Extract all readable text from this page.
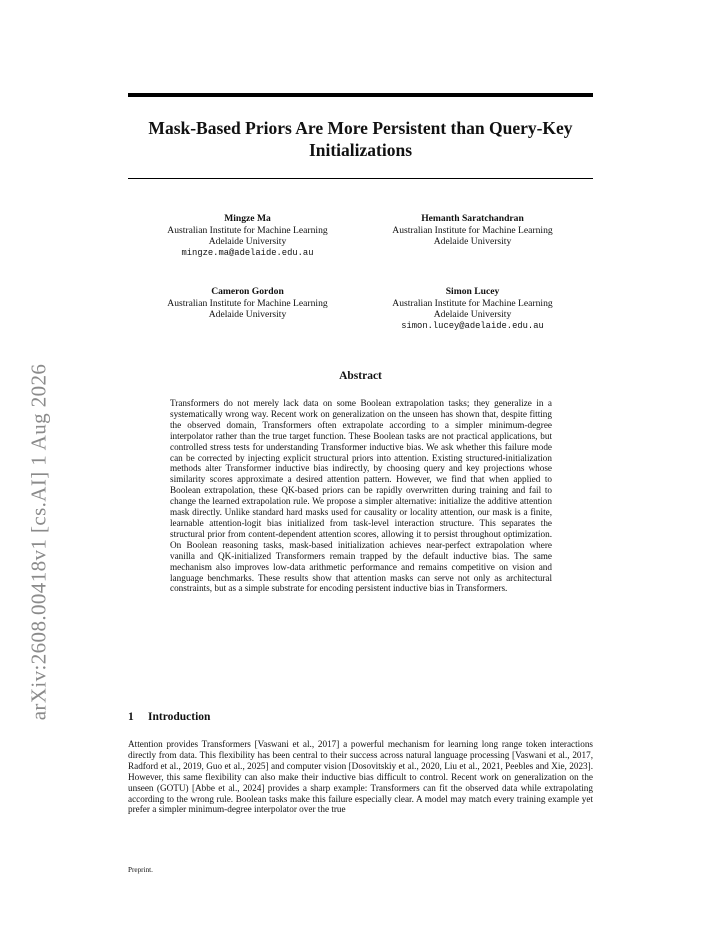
arXiv:2608.00418v1 [cs.AI] 1 Aug 2026
Mask-Based Priors Are More Persistent than Query-Key Initializations
Mingze Ma
Australian Institute for Machine Learning
Adelaide University
mingze.ma@adelaide.edu.au
Hemanth Saratchandran
Australian Institute for Machine Learning
Adelaide University
Cameron Gordon
Australian Institute for Machine Learning
Adelaide University
Simon Lucey
Australian Institute for Machine Learning
Adelaide University
simon.lucey@adelaide.edu.au
Abstract
Transformers do not merely lack data on some Boolean extrapolation tasks; they generalize in a systematically wrong way. Recent work on generalization on the unseen has shown that, despite fitting the observed domain, Transformers often extrapolate according to a simpler minimum-degree interpolator rather than the true target function. These Boolean tasks are not practical applications, but controlled stress tests for understanding Transformer inductive bias. We ask whether this failure mode can be corrected by injecting explicit structural priors into attention. Existing structured-initialization methods alter Transformer inductive bias indirectly, by choosing query and key projections whose similarity scores approximate a desired attention pattern. However, we find that when applied to Boolean extrapolation, these QK-based priors can be rapidly overwritten during training and fail to change the learned extrapolation rule. We propose a simpler alternative: initialize the additive attention mask directly. Unlike standard hard masks used for causality or locality attention, our mask is a finite, learnable attention-logit bias initialized from task-level interaction structure. This separates the structural prior from content-dependent attention scores, allowing it to persist throughout optimization. On Boolean reasoning tasks, mask-based initialization achieves near-perfect extrapolation where vanilla and QK-initialized Transformers remain trapped by the default inductive bias. The same mechanism also improves low-data arithmetic performance and remains competitive on vision and language benchmarks. These results show that attention masks can serve not only as architectural constraints, but as a simple substrate for encoding persistent inductive bias in Transformers.
1 Introduction
Attention provides Transformers [Vaswani et al., 2017] a powerful mechanism for learning long range token interactions directly from data. This flexibility has been central to their success across natural language processing [Vaswani et al., 2017, Radford et al., 2019, Guo et al., 2025] and computer vision [Dosovitskiy et al., 2020, Liu et al., 2021, Peebles and Xie, 2023]. However, this same flexibility can also make their inductive bias difficult to control. Recent work on generalization on the unseen (GOTU) [Abbe et al., 2024] provides a sharp example: Transformers can fit the observed data while extrapolating according to the wrong rule. Boolean tasks make this failure especially clear. A model may match every training example yet prefer a simpler minimum-degree interpolator over the true
Preprint.
